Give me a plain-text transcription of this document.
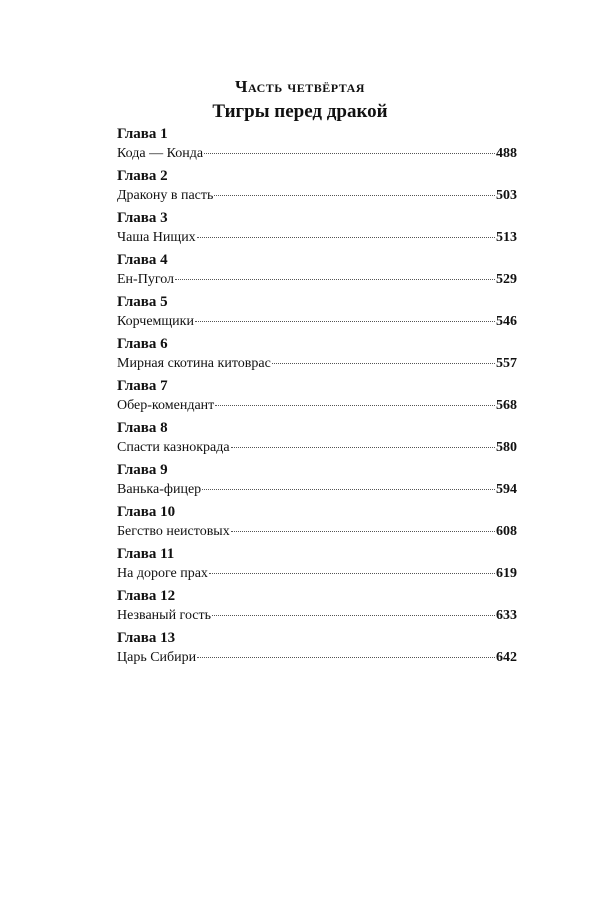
Часть четвёртая
Тигры перед дракой
Глава 1
Кода — Конда	488
Глава 2
Дракону в пасть	503
Глава 3
Чаша Нищих	513
Глава 4
Ен-Пугол	529
Глава 5
Корчемщики	546
Глава 6
Мирная скотина китоврас	557
Глава 7
Обер-комендант	568
Глава 8
Спасти казнокрада	580
Глава 9
Ванька-фицер	594
Глава 10
Бегство неистовых	608
Глава 11
На дороге прах	619
Глава 12
Незваный гость	633
Глава 13
Царь Сибири	642
